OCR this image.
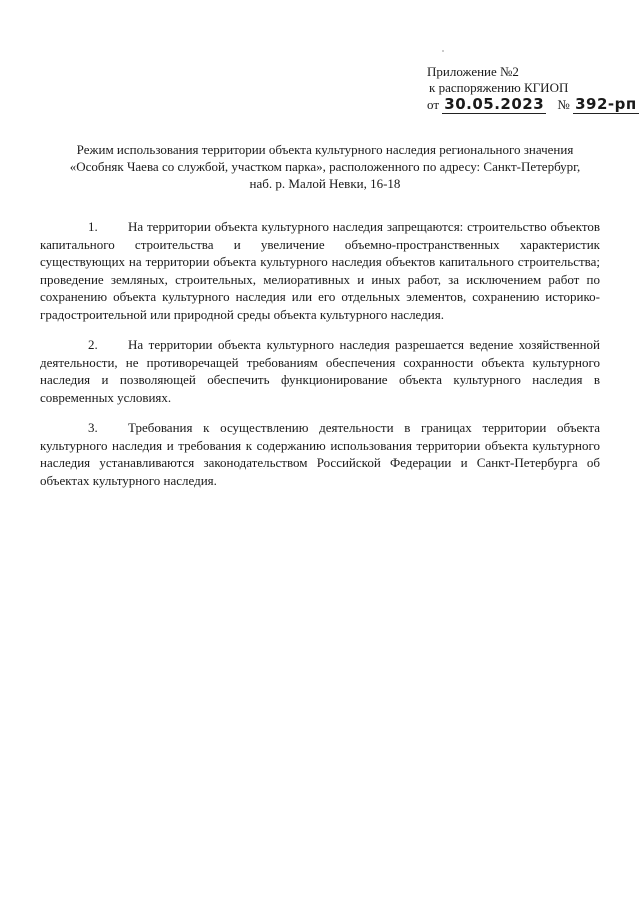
Приложение №2
к распоряжению КГИОП
от 30.05.2023 № 392-рп
Режим использования территории объекта культурного наследия регионального значения
«Особняк Чаева со службой, участком парка», расположенного по адресу: Санкт-Петербург,
наб. р. Малой Невки, 16-18

1. На территории объекта культурного наследия запрещаются: строительство объектов капитального строительства и увеличение объемно-пространственных характеристик существующих на территории объекта культурного наследия объектов капитального строительства; проведение земляных, строительных, мелиоративных и иных работ, за исключением работ по сохранению объекта культурного наследия или его отдельных элементов, сохранению историко-градостроительной или природной среды объекта культурного наследия.

2. На территории объекта культурного наследия разрешается ведение хозяйственной деятельности, не противоречащей требованиям обеспечения сохранности объекта культурного наследия и позволяющей обеспечить функционирование объекта культурного наследия в современных условиях.

3. Требования к осуществлению деятельности в границах территории объекта культурного наследия и требования к содержанию использования территории объекта культурного наследия устанавливаются законодательством Российской Федерации и Санкт-Петербурга об объектах культурного наследия.
